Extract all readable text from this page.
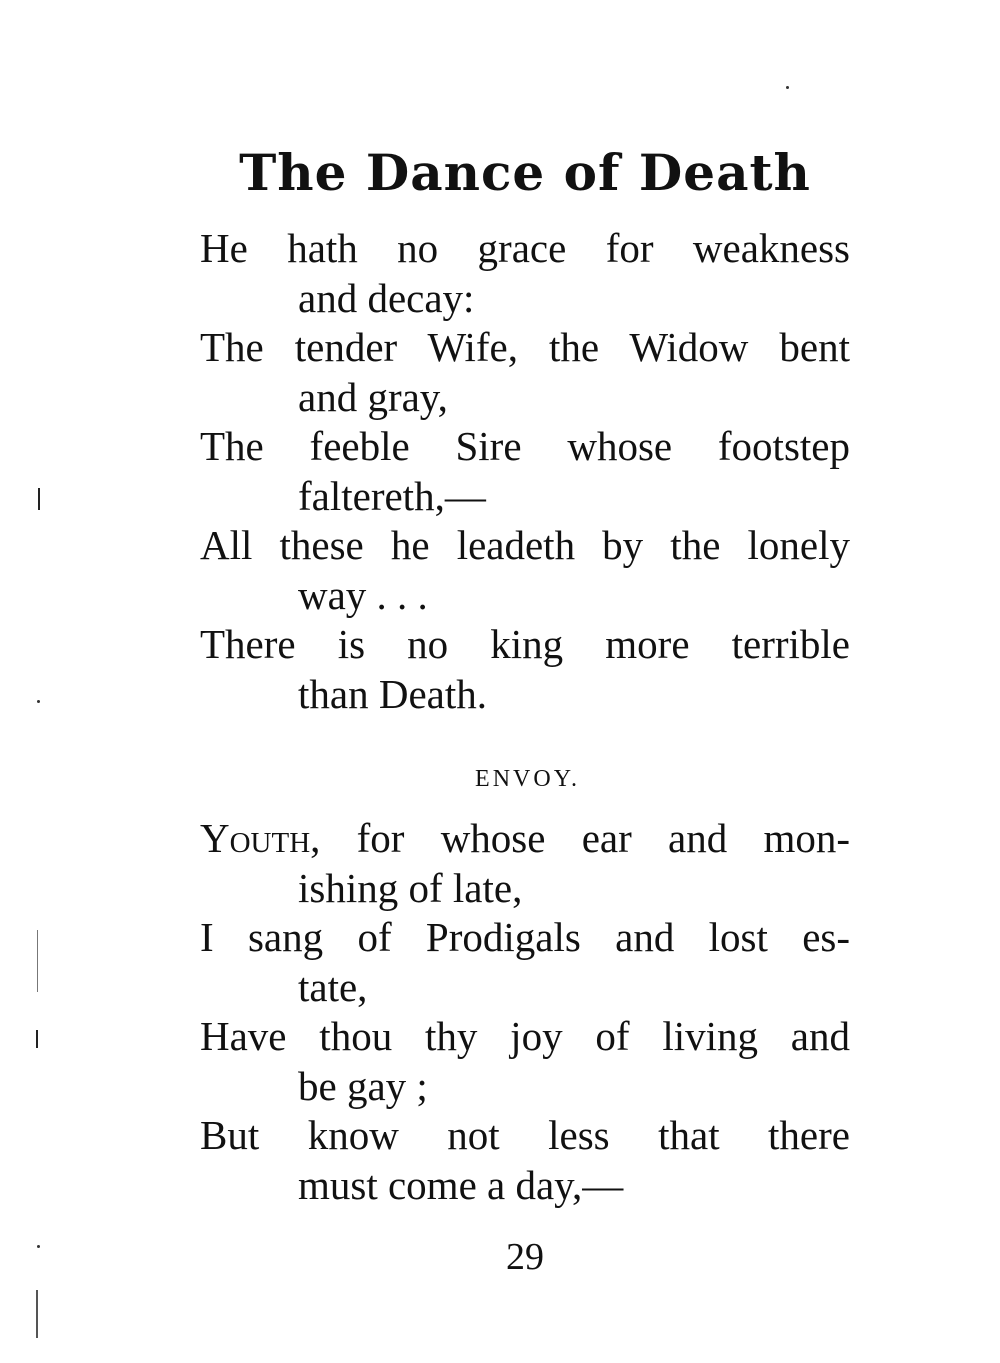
The Dance of Death
He hath no grace for weakness
and decay:
The tender Wife, the Widow bent
and gray,
The feeble Sire whose footstep
faltereth,—
All these he leadeth by the lonely
way . . .
There is no king more terrible
than Death.
ENVOY.
Youth, for whose ear and mon-
ishing of late,
I sang of Prodigals and lost es-
tate,
Have thou thy joy of living and
be gay ;
But know not less that there
must come a day,—
29
